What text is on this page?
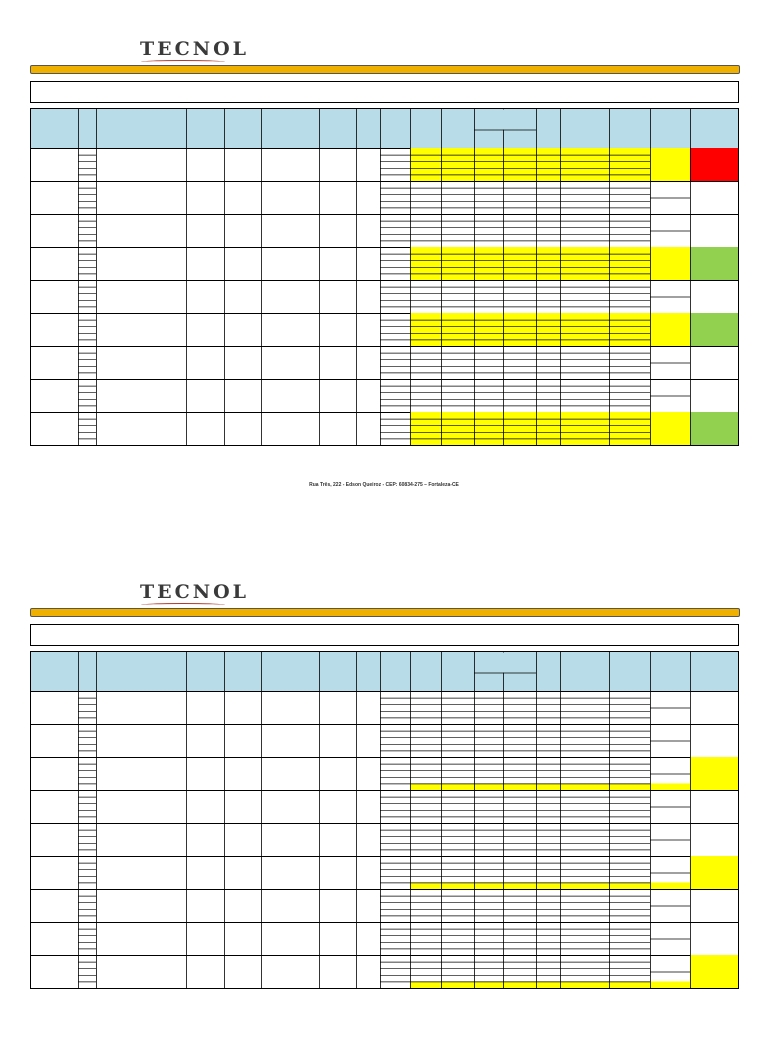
TECNOL
Rua Três, 222 - Edson Queiroz - CEP: 60834-275 – Fortaleza-CE
TECNOL
